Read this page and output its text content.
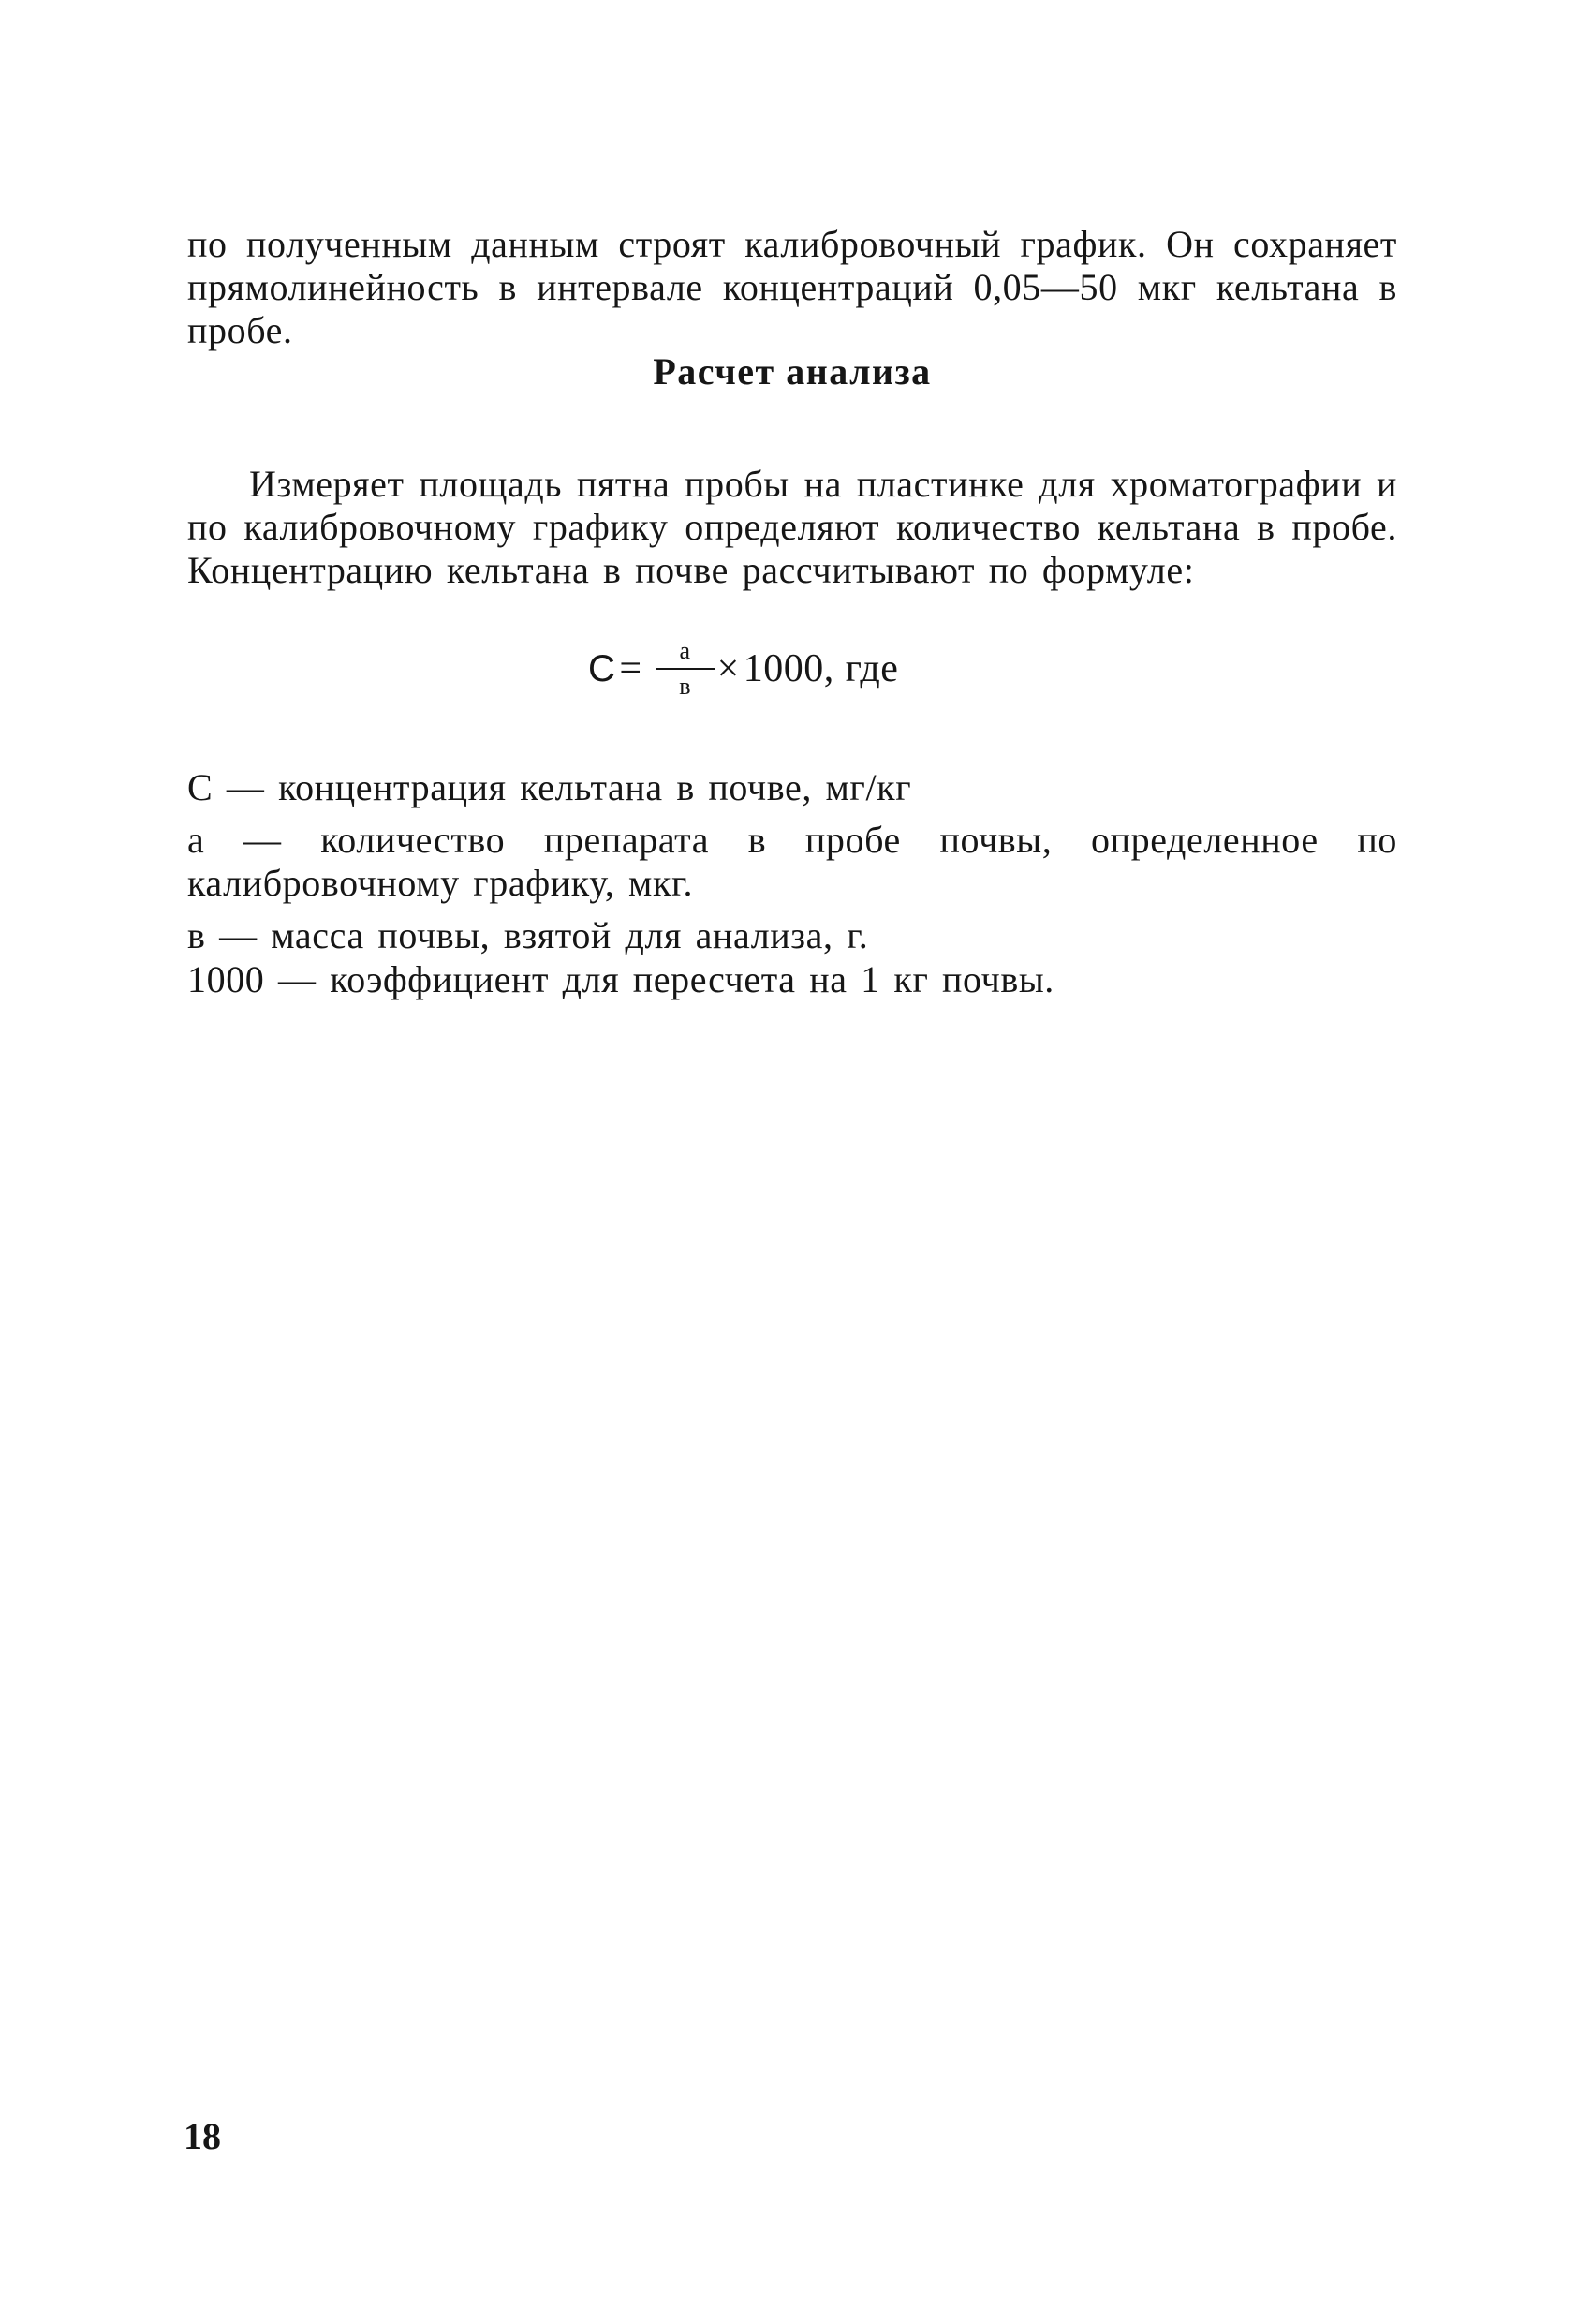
по полученным данным строят калибровочный график. Он сохраняет прямолинейность в интервале концентраций 0,05—50 мкг кельтана в пробе.

Расчет анализа

Измеряет площадь пятна пробы на пластинке для хроматографии и по калибровочному графику определяют количество кельтана в пробе. Концентрацию кельтана в почве рассчитывают по формуле:

$C = \frac{а}{в} \times 1000$, где

C — концентрация кельтана в почве, мг/кг

а — количество препарата в пробе почвы, определенное по калибровочному графику, мкг.

в — масса почвы, взятой для анализа, г.

1000 — коэффициент для пересчета на 1 кг почвы.

18
